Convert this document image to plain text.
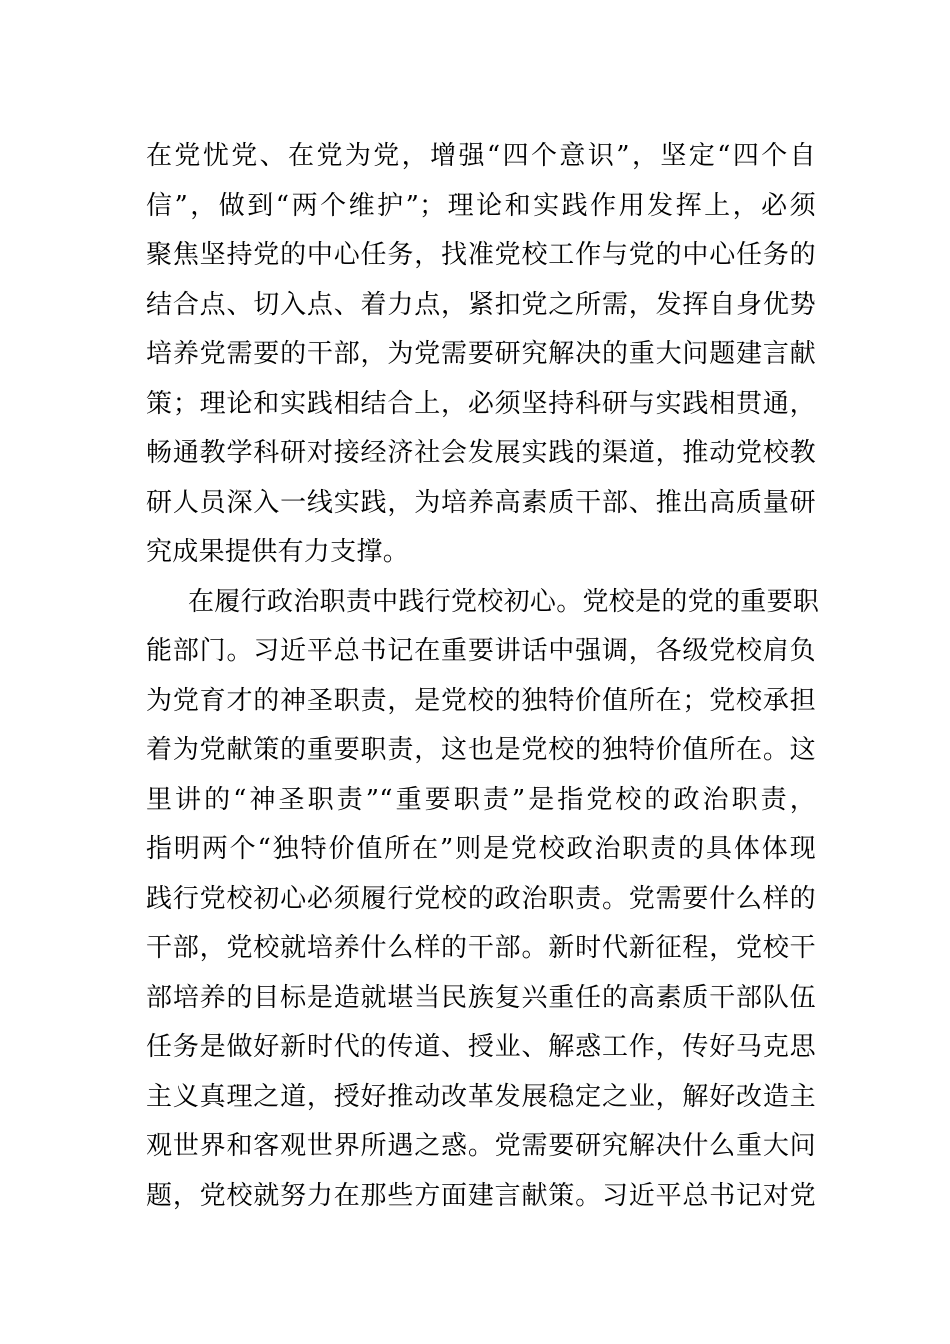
在党忧党、在党为党，增强“四个意识”，坚定“四个自
信”，做到“两个维护”；理论和实践作用发挥上，必须
聚焦坚持党的中心任务，找准党校工作与党的中心任务的
结合点、切入点、着力点，紧扣党之所需，发挥自身优势
培养党需要的干部，为党需要研究解决的重大问题建言献
策；理论和实践相结合上，必须坚持科研与实践相贯通，
畅通教学科研对接经济社会发展实践的渠道，推动党校教
研人员深入一线实践，为培养高素质干部、推出高质量研
究成果提供有力支撑。
在履行政治职责中践行党校初心。党校是的党的重要职
能部门。习近平总书记在重要讲话中强调，各级党校肩负
为党育才的神圣职责，是党校的独特价值所在；党校承担
着为党献策的重要职责，这也是党校的独特价值所在。这
里讲的“神圣职责”“重要职责”是指党校的政治职责，
指明两个“独特价值所在”则是党校政治职责的具体体现
践行党校初心必须履行党校的政治职责。党需要什么样的
干部，党校就培养什么样的干部。新时代新征程，党校干
部培养的目标是造就堪当民族复兴重任的高素质干部队伍
任务是做好新时代的传道、授业、解惑工作，传好马克思
主义真理之道，授好推动改革发展稳定之业，解好改造主
观世界和客观世界所遇之惑。党需要研究解决什么重大问
题，党校就努力在那些方面建言献策。习近平总书记对党
